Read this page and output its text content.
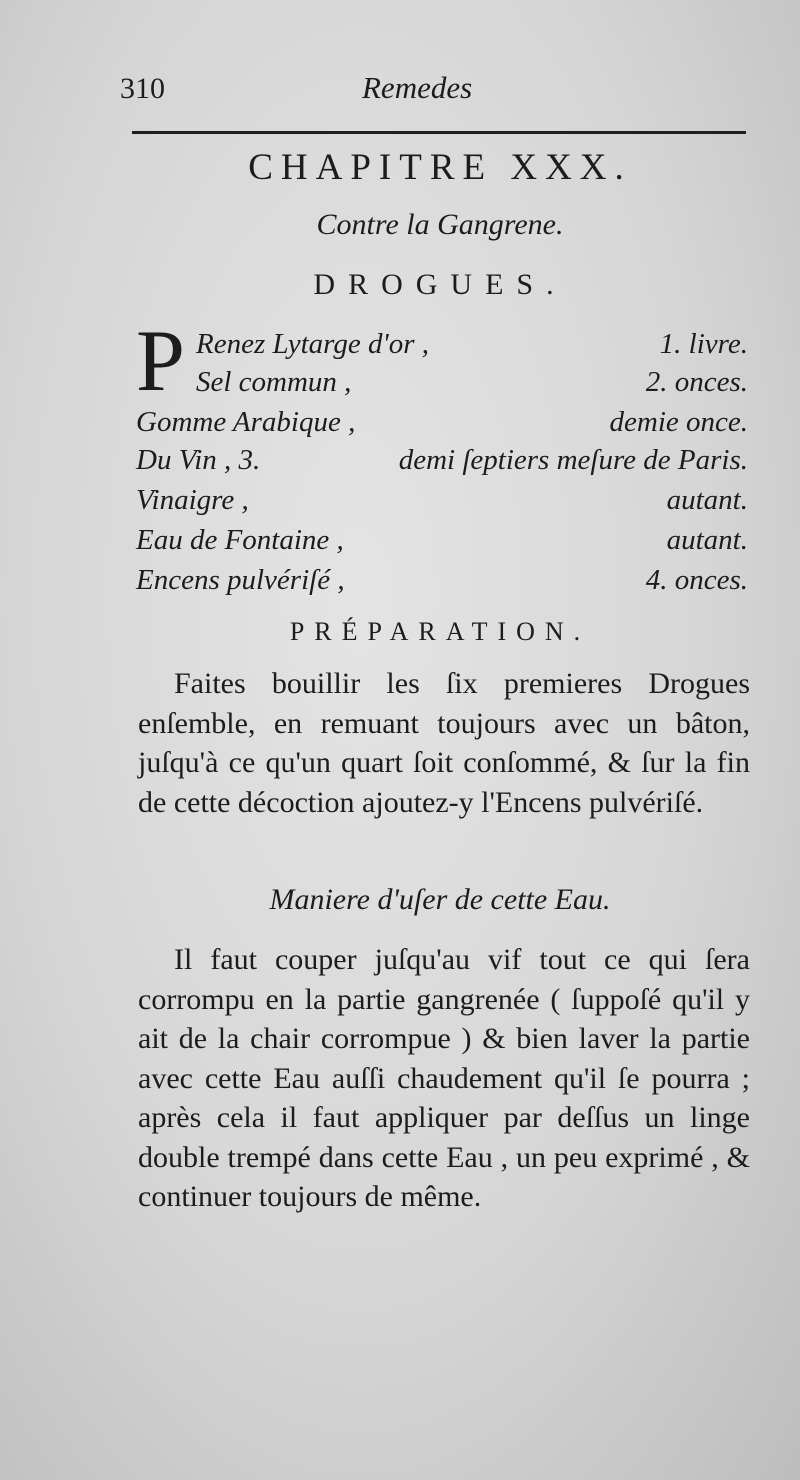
310	Remedes
CHAPITRE XXX.
Contre la Gangrene.
DROGUES.
P Renez Lytarge d'or ,	1. livre.
Sel commun ,	2. onces.
Gomme Arabique ,	demie once.
Du Vin , 3.	demi ſeptiers meſure de Paris.
Vinaigre ,	autant.
Eau de Fontaine ,	autant.
Encens pulvériſé ,	4. onces.
PRÉPARATION.
Faites bouillir les ſix premieres Drogues enſemble, en remuant toujours avec un bâton, juſqu'à ce qu'un quart ſoit conſommé, & ſur la fin de cette décoction ajoutez-y l'Encens pulvériſé.
Maniere d'uſer de cette Eau.
Il faut couper juſqu'au vif tout ce qui ſera corrompu en la partie gangrenée ( ſuppoſé qu'il y ait de la chair corrompue ) & bien laver la partie avec cette Eau auſſi chaudement qu'il ſe pourra ; après cela il faut appliquer par deſſus un linge double trempé dans cette Eau , un peu exprimé , & continuer toujours de même.
